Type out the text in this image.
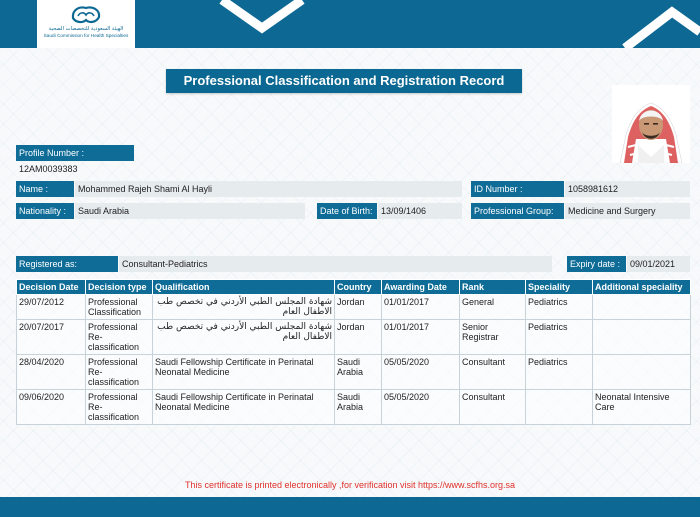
الهيئة السعودية للتخصصات الصحية
Saudi Commission for Health Specialties
Professional Classification and Registration Record
Profile Number :
12AM0039383
Name :	Mohammed Rajeh Shami Al Hayli	ID Number :	1058981612
Nationality :	Saudi Arabia	Date of Birth: 13/09/1406	Professional Group:	Medicine and Surgery
Registered as:	Consultant-Pediatrics	Expiry date :	09/01/2021
Decision Date	Decision type	Qualification	Country	Awarding Date	Rank	Speciality	Additional speciality
29/07/2012	Professional Classification	شهادة المجلس الطبي الأردني في تخصص طب الاطفال العام	Jordan	01/01/2017	General	Pediatrics	
20/07/2017	Professional Re-classification	شهادة المجلس الطبي الأردني في تخصص طب الاطفال العام	Jordan	01/01/2017	Senior Registrar	Pediatrics	
28/04/2020	Professional Re-classification	Saudi Fellowship Certificate in Perinatal Neonatal Medicine	Saudi Arabia	05/05/2020	Consultant	Pediatrics	
09/06/2020	Professional Re-classification	Saudi Fellowship Certificate in Perinatal Neonatal Medicine	Saudi Arabia	05/05/2020	Consultant		Neonatal Intensive Care
This certificate is printed electronically ,for verification visit https://www.scfhs.org.sa
